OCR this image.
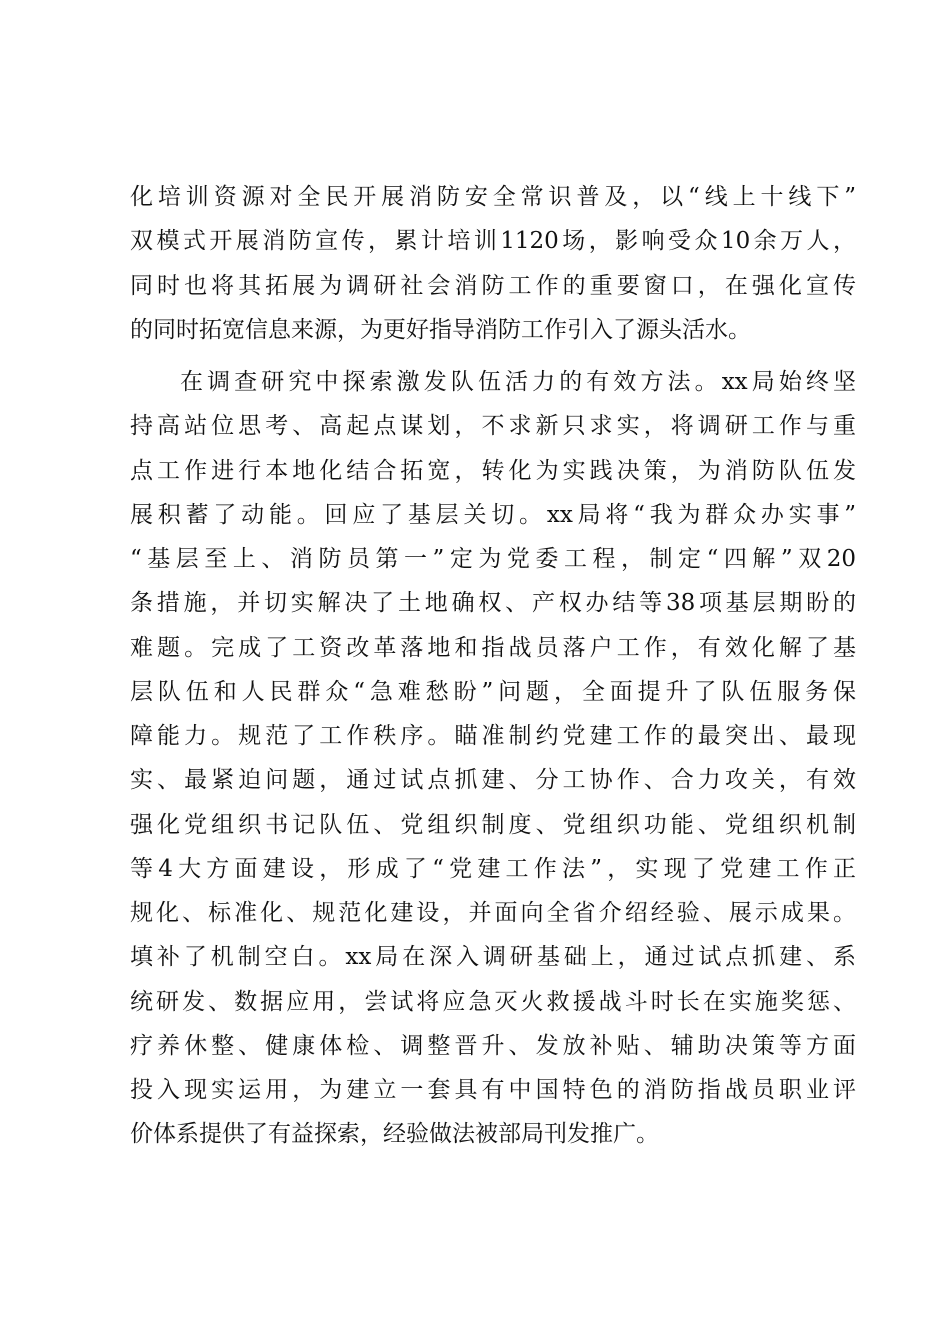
化培训资源对全民开展消防安全常识普及，以“线上十线下”
双模式开展消防宣传，累计培训1120场，影响受众10余万人，
同时也将其拓展为调研社会消防工作的重要窗口，在强化宣传
的同时拓宽信息来源，为更好指导消防工作引入了源头活水。
在调查研究中探索激发队伍活力的有效方法。xx局始终坚
持高站位思考、高起点谋划，不求新只求实，将调研工作与重
点工作进行本地化结合拓宽，转化为实践决策，为消防队伍发
展积蓄了动能。回应了基层关切。xx局将“我为群众办实事”
“基层至上、消防员第一”定为党委工程，制定“四解”双20
条措施，并切实解决了土地确权、产权办结等38项基层期盼的
难题。完成了工资改革落地和指战员落户工作，有效化解了基
层队伍和人民群众“急难愁盼”问题，全面提升了队伍服务保
障能力。规范了工作秩序。瞄准制约党建工作的最突出、最现
实、最紧迫问题，通过试点抓建、分工协作、合力攻关，有效
强化党组织书记队伍、党组织制度、党组织功能、党组织机制
等4大方面建设，形成了“党建工作法”，实现了党建工作正
规化、标准化、规范化建设，并面向全省介绍经验、展示成果。
填补了机制空白。xx局在深入调研基础上，通过试点抓建、系
统研发、数据应用，尝试将应急灭火救援战斗时长在实施奖惩、
疗养休整、健康体检、调整晋升、发放补贴、辅助决策等方面
投入现实运用，为建立一套具有中国特色的消防指战员职业评
价体系提供了有益探索，经验做法被部局刊发推广。
